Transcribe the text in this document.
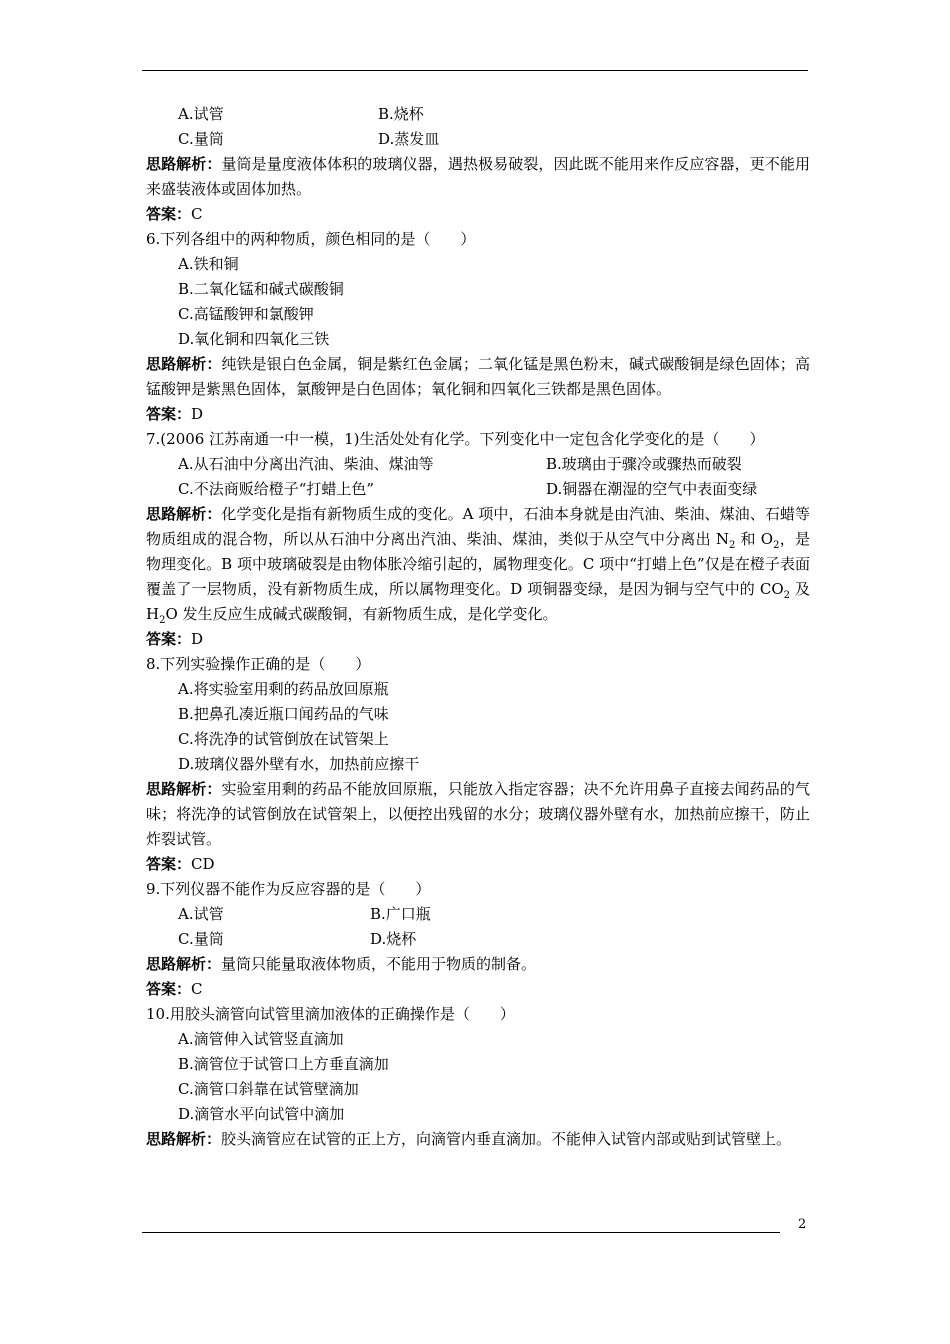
A.试管	B.烧杯
C.量筒	D.蒸发皿
思路解析：量筒是量度液体体积的玻璃仪器，遇热极易破裂，因此既不能用来作反应容器，更不能用来盛装液体或固体加热。
答案：C
6.下列各组中的两种物质，颜色相同的是（　　）
A.铁和铜
B.二氧化锰和碱式碳酸铜
C.高锰酸钾和氯酸钾
D.氧化铜和四氧化三铁
思路解析：纯铁是银白色金属，铜是紫红色金属；二氧化锰是黑色粉末，碱式碳酸铜是绿色固体；高锰酸钾是紫黑色固体，氯酸钾是白色固体；氧化铜和四氧化三铁都是黑色固体。
答案：D
7.(2006 江苏南通一中一模，1)生活处处有化学。下列变化中一定包含化学变化的是（　　）
A.从石油中分离出汽油、柴油、煤油等	B.玻璃由于骤冷或骤热而破裂
C.不法商贩给橙子“打蜡上色”	D.铜器在潮湿的空气中表面变绿
思路解析：化学变化是指有新物质生成的变化。A 项中，石油本身就是由汽油、柴油、煤油、石蜡等物质组成的混合物，所以从石油中分离出汽油、柴油、煤油，类似于从空气中分离出 $N_2$ 和 $O_2$，是物理变化。B 项中玻璃破裂是由物体胀冷缩引起的，属物理变化。C 项中“打蜡上色”仅是在橙子表面覆盖了一层物质，没有新物质生成，所以属物理变化。D 项铜器变绿，是因为铜与空气中的 $CO_2$ 及 $H_2O$ 发生反应生成碱式碳酸铜，有新物质生成，是化学变化。
答案：D
8.下列实验操作正确的是（　　）
A.将实验室用剩的药品放回原瓶
B.把鼻孔凑近瓶口闻药品的气味
C.将洗净的试管倒放在试管架上
D.玻璃仪器外壁有水，加热前应擦干
思路解析：实验室用剩的药品不能放回原瓶，只能放入指定容器；决不允许用鼻子直接去闻药品的气味；将洗净的试管倒放在试管架上，以便控出残留的水分；玻璃仪器外壁有水，加热前应擦干，防止炸裂试管。
答案：CD
9.下列仪器不能作为反应容器的是（　　）
A.试管	B.广口瓶
C.量筒	D.烧杯
思路解析：量筒只能量取液体物质，不能用于物质的制备。
答案：C
10.用胶头滴管向试管里滴加液体的正确操作是（　　）
A.滴管伸入试管竖直滴加
B.滴管位于试管口上方垂直滴加
C.滴管口斜靠在试管壁滴加
D.滴管水平向试管中滴加
思路解析：胶头滴管应在试管的正上方，向滴管内垂直滴加。不能伸入试管内部或贴到试管壁上。
2
